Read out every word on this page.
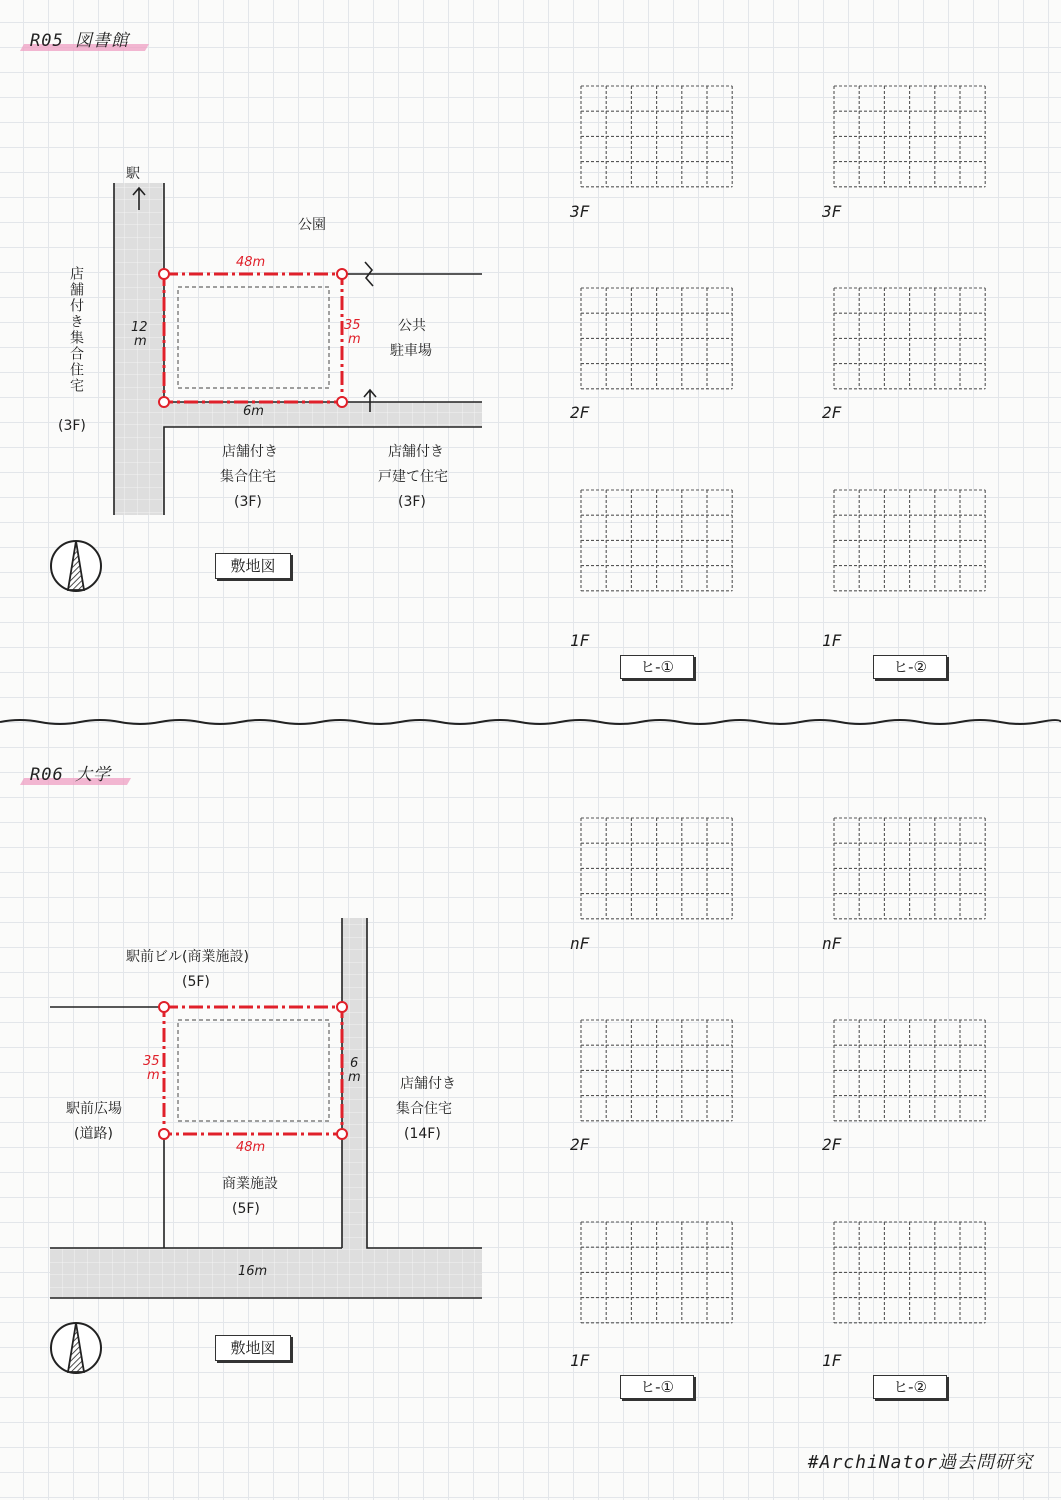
R05 図書館
駅
公園
店舗付き集合住宅
(3F)
公共
駐車場
店舗付き
集合住宅
(3F)
店舗付き
戸建て住宅
(3F)
48m
35
m
12
m
6m
敷地図
3F
2F
1F
3F
2F
1F
ヒ-①	ヒ-②
R06 大学
駅前ビル(商業施設)
(5F)
駅前広場
(道路)
店舗付き
集合住宅
(14F)
商業施設
(5F)
48m
35
m
6
m
16m
敷地図
nF
2F
1F
nF
2F
1F
ヒ-①	ヒ-②
#ArchiNator過去問研究
